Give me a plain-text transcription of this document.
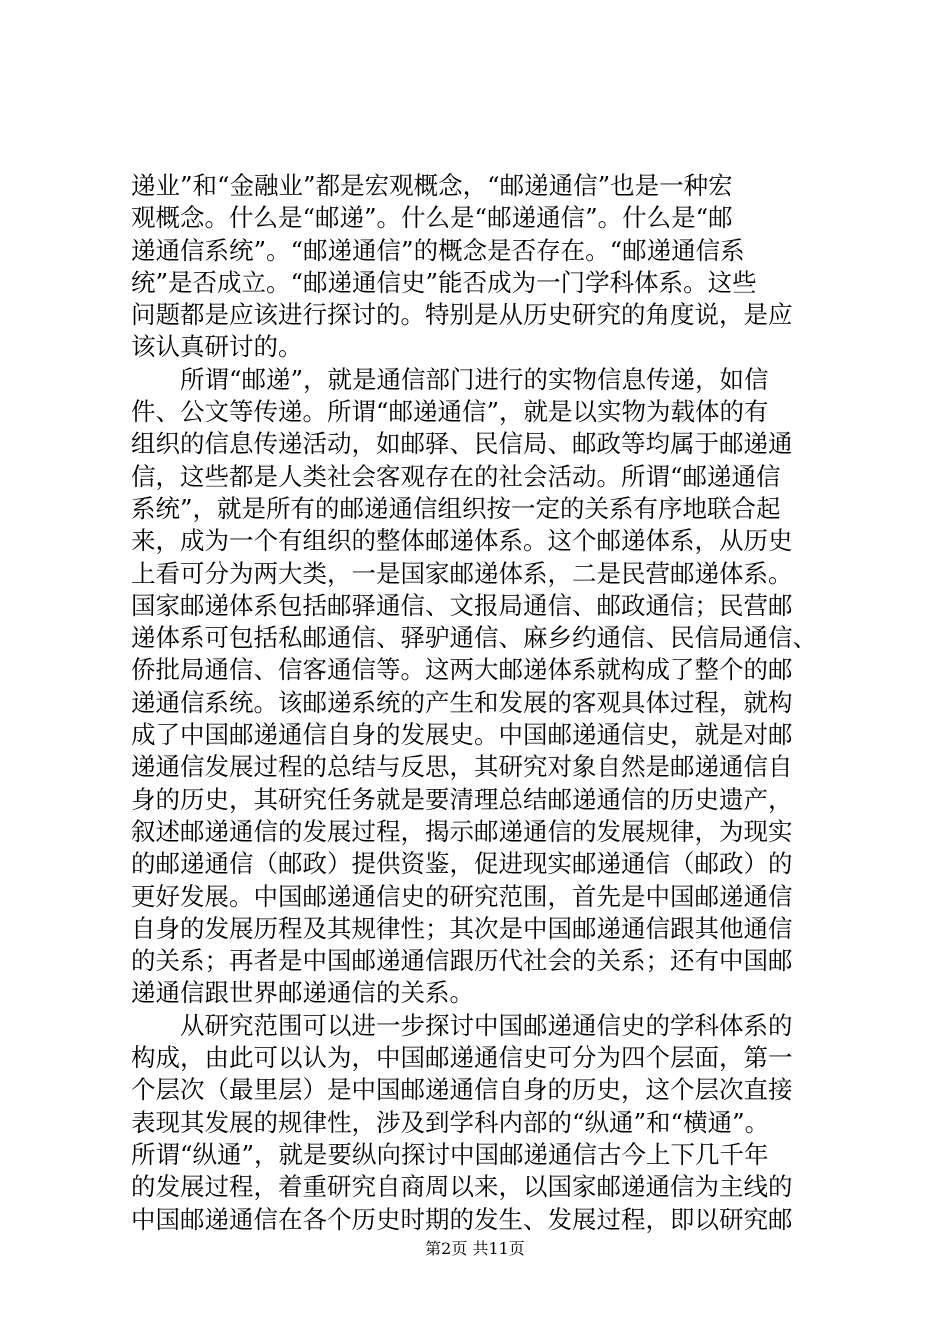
递业”和“金融业”都是宏观概念，“邮递通信”也是一种宏
观概念。什么是“邮递”。什么是“邮递通信”。什么是“邮
递通信系统”。“邮递通信”的概念是否存在。“邮递通信系
统”是否成立。“邮递通信史”能否成为一门学科体系。这些
问题都是应该进行探讨的。特别是从历史研究的角度说，是应
该认真研讨的。
　　所谓“邮递”，就是通信部门进行的实物信息传递，如信
件、公文等传递。所谓“邮递通信”，就是以实物为载体的有
组织的信息传递活动，如邮驿、民信局、邮政等均属于邮递通
信，这些都是人类社会客观存在的社会活动。所谓“邮递通信
系统”，就是所有的邮递通信组织按一定的关系有序地联合起
来，成为一个有组织的整体邮递体系。这个邮递体系，从历史
上看可分为两大类，一是国家邮递体系，二是民营邮递体系。
国家邮递体系包括邮驿通信、文报局通信、邮政通信；民营邮
递体系可包括私邮通信、驿驴通信、麻乡约通信、民信局通信、
侨批局通信、信客通信等。这两大邮递体系就构成了整个的邮
递通信系统。该邮递系统的产生和发展的客观具体过程，就构
成了中国邮递通信自身的发展史。中国邮递通信史，就是对邮
递通信发展过程的总结与反思，其研究对象自然是邮递通信自
身的历史，其研究任务就是要清理总结邮递通信的历史遗产，
叙述邮递通信的发展过程，揭示邮递通信的发展规律，为现实
的邮递通信（邮政）提供资鉴，促进现实邮递通信（邮政）的
更好发展。中国邮递通信史的研究范围，首先是中国邮递通信
自身的发展历程及其规律性；其次是中国邮递通信跟其他通信
的关系；再者是中国邮递通信跟历代社会的关系；还有中国邮
递通信跟世界邮递通信的关系。
　　从研究范围可以进一步探讨中国邮递通信史的学科体系的
构成，由此可以认为，中国邮递通信史可分为四个层面，第一
个层次（最里层）是中国邮递通信自身的历史，这个层次直接
表现其发展的规律性，涉及到学科内部的“纵通”和“横通”。
所谓“纵通”，就是要纵向探讨中国邮递通信古今上下几千年
的发展过程，着重研究自商周以来，以国家邮递通信为主线的
中国邮递通信在各个历史时期的发生、发展过程，即以研究邮
第2页 共11页
